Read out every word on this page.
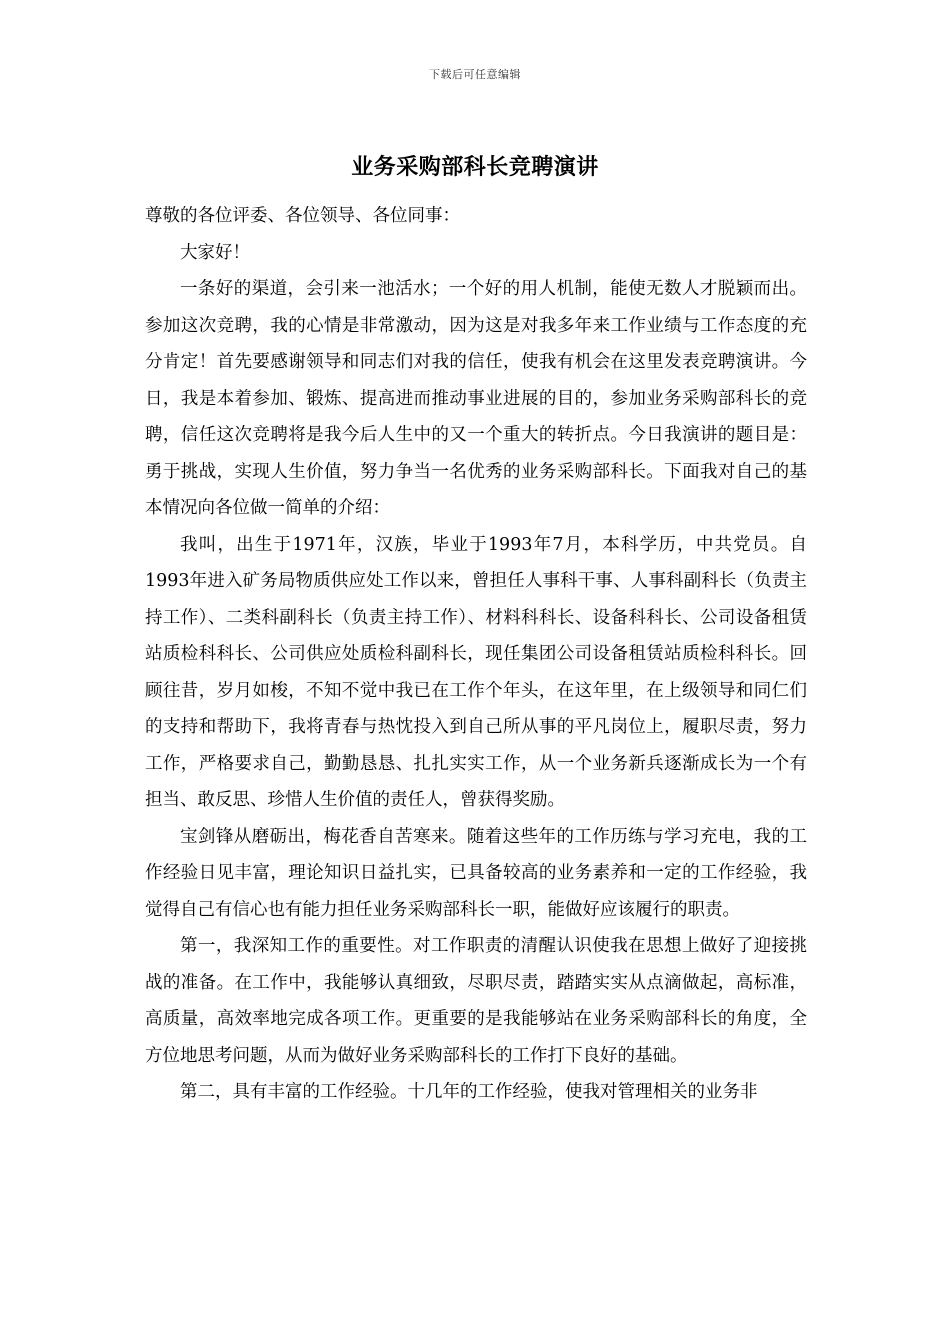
下载后可任意编辑
业务采购部科长竞聘演讲

尊敬的各位评委、各位领导、各位同事：

大家好！

一条好的渠道，会引来一池活水；一个好的用人机制，能使无数人才脱颖而出。参加这次竞聘，我的心情是非常激动，因为这是对我多年来工作业绩与工作态度的充分肯定！首先要感谢领导和同志们对我的信任，使我有机会在这里发表竞聘演讲。今日，我是本着参加、锻炼、提高进而推动事业进展的目的，参加业务采购部科长的竞聘，信任这次竞聘将是我今后人生中的又一个重大的转折点。今日我演讲的题目是：勇于挑战，实现人生价值，努力争当一名优秀的业务采购部科长。下面我对自己的基本情况向各位做一简单的介绍：

我叫，出生于1971年，汉族，毕业于1993年7月，本科学历，中共党员。自1993年进入矿务局物质供应处工作以来，曾担任人事科干事、人事科副科长（负责主持工作）、二类科副科长（负责主持工作）、材料科科长、设备科科长、公司设备租赁站质检科科长、公司供应处质检科副科长，现任集团公司设备租赁站质检科科长。回顾往昔，岁月如梭，不知不觉中我已在工作个年头，在这年里，在上级领导和同仁们的支持和帮助下，我将青春与热忱投入到自己所从事的平凡岗位上，履职尽责，努力工作，严格要求自己，勤勤恳恳、扎扎实实工作，从一个业务新兵逐渐成长为一个有担当、敢反思、珍惜人生价值的责任人，曾获得奖励。

宝剑锋从磨砺出，梅花香自苦寒来。随着这些年的工作历练与学习充电，我的工作经验日见丰富，理论知识日益扎实，已具备较高的业务素养和一定的工作经验，我觉得自己有信心也有能力担任业务采购部科长一职，能做好应该履行的职责。

第一，我深知工作的重要性。对工作职责的清醒认识使我在思想上做好了迎接挑战的准备。在工作中，我能够认真细致，尽职尽责，踏踏实实从点滴做起，高标准，高质量，高效率地完成各项工作。更重要的是我能够站在业务采购部科长的角度，全方位地思考问题，从而为做好业务采购部科长的工作打下良好的基础。

第二，具有丰富的工作经验。十几年的工作经验，使我对管理相关的业务非
